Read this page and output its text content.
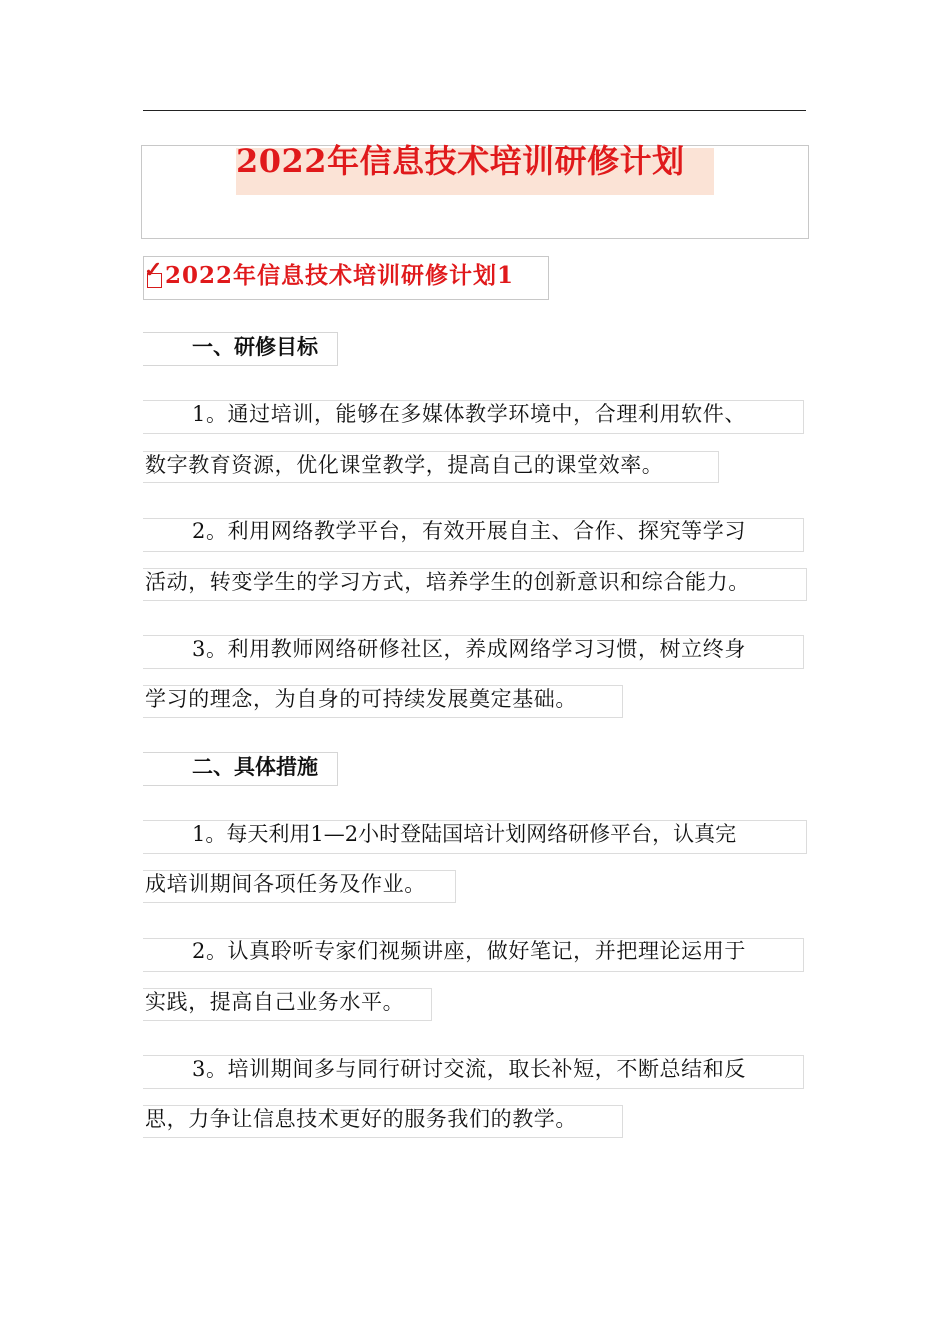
2022年信息技术培训研修计划
✓ 2022年信息技术培训研修计划1
一、研修目标
1。通过培训，能够在多媒体教学环境中，合理利用软件、
数字教育资源，优化课堂教学，提高自己的课堂效率。
2。利用网络教学平台，有效开展自主、合作、探究等学习
活动，转变学生的学习方式，培养学生的创新意识和综合能力。
3。利用教师网络研修社区，养成网络学习习惯，树立终身
学习的理念，为自身的可持续发展奠定基础。
二、具体措施
1。每天利用1—2小时登陆国培计划网络研修平台，认真完
成培训期间各项任务及作业。
2。认真聆听专家们视频讲座，做好笔记，并把理论运用于
实践，提高自己业务水平。
3。培训期间多与同行研讨交流，取长补短，不断总结和反
思，力争让信息技术更好的服务我们的教学。
